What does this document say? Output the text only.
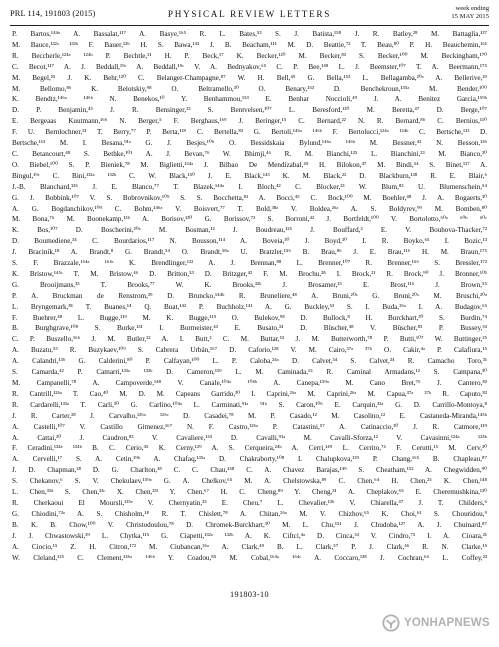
PRL 114, 191803 (2015)	PHYSICAL REVIEW LETTERS
week ending
15 MAY 2015

P. Bartos,¹⁴⁴ᵃ A. Bassalat,¹¹⁷ A. Basye,¹⁶⁵ R. L. Bates,⁵³ S. J. Batista,¹⁵⁸ J. R. Batley,²⁸ M. Battaglia,¹³⁷

M. Bauce,¹³²ᵃ ¹³²ᵇ F. Bauer,¹³⁶ H. S. Bawa,¹⁴³ J. B. Beacham,¹¹¹ M. D. Beattie,⁷² T. Beau,⁸⁰ P. H. Beauchemin,¹⁶¹

R. Beccherle,¹²⁴ᵃ ¹²⁴ᵇ P. Bechtle,²¹ H. P. Beck,¹⁷ K. Becker,¹²⁰ M. Becker,⁸³ S. Becker,¹⁰⁰ M. Beckingham,¹⁷⁰

C. Becot,¹¹⁷ A. J. Beddall,¹⁹ᶜ A. Beddall,¹⁹ᶜ V. A. Bednyakov,⁶⁵ C. P. Bee,¹⁴⁸ L. J. Beemster,¹⁰⁷ T. A. Beermann,¹⁷⁵

M. Begel,²⁵ J. K. Behr,¹²⁰ C. Belanger-Champagne,⁸⁷ W. H. Bell,⁴⁹ G. Bella,¹⁵³ L. Bellagamba,²⁰ᵃ A. Bellerive,²⁹

M. Bellomo,⁸⁶ K. Belotskiy,⁹⁸ O. Beltramello,³⁰ O. Benary,¹⁵³ D. Benchekroun,¹³⁵ᵃ M. Bender,¹⁰⁰

K. Bendtz,¹⁴⁶ᵃ ¹⁴⁶ᵇ N. Benekos,¹⁰ Y. Benhammou,¹⁵³ E. Benhar Noccioli,⁴⁹ J. A. Benitez Garcia,¹⁵⁹ᵇ

D. P. Benjamin,⁴⁵ J. R. Bensinger,²³ S. Bentvelsen,¹⁰⁷ L. Beresford,¹²⁰ M. Beretta,⁴⁷ D. Berge,¹⁰⁷

E. Bergeaas Kuutmann,¹⁶⁶ N. Berger,⁵ F. Berghaus,¹⁶⁹ J. Beringer,¹⁵ C. Bernard,²² N. R. Bernard,⁸⁶ C. Bernius,¹¹⁰

F. U. Bernlochner,²¹ T. Berry,⁷⁷ P. Berta,¹²⁹ C. Bertella,⁸³ G. Bertoli,¹⁴⁶ᵃ ¹⁴⁶ᵇ F. Bertolucci,¹²⁴ᵃ ¹²⁴ᵇ C. Bertsche,¹¹³ D.

Bertsche,¹¹³ M. I. Besana,⁹¹ᵃ G. J. Besjes,¹⁰⁶ O. Bessidskaia Bylund,¹⁴⁶ᵃ ¹⁴⁶ᵇ M. Bessner,⁴² N. Besson,¹³⁶

C. Betancourt,⁴⁸ S. Bethke,¹⁰¹ A. J. Bevan,⁷⁶ W. Bhimji,⁴⁶ R. M. Bianchi,¹²⁵ L. Bianchini,²³ M. Bianco,³⁰

O. Biebel,¹⁰⁰ S. P. Bieniek,⁷⁸ M. Biglietti,¹³⁴ᵃ J. Bilbao De Mendizabal,⁴⁹ H. Bilokon,⁴⁷ M. Bindi,⁵⁴ S. Binet,¹¹⁷ A.

Bingul,¹⁹ᶜ C. Bini,¹³²ᵃ ¹³²ᵇ C. W. Black,¹⁵⁰ J. E. Black,¹⁴³ K. M. Black,²² D. Blackburn,¹³⁸ R. E. Blair,⁶

J.-B. Blanchard,¹³⁶ J. E. Blanco,⁷⁷ T. Blazek,¹⁴⁴ᵃ I. Bloch,⁴² C. Blocker,²³ W. Blum,⁸³ U. Blumenschein,⁵⁴

G. J. Bobbink,¹⁰⁷ V. S. Bobrovnikov,¹⁰⁹ S. S. Bocchetta,⁸¹ A. Bocci,⁴⁵ C. Bock,¹⁰⁰ M. Boehler,⁴⁸ J. A. Bogaerts,³⁰

A. G. Bogdanchikov,¹⁰⁹ C. Bohm,¹⁴⁶ᵃ V. Boisvert,⁷⁷ T. Bold,³⁸ᵃ V. Boldea,²⁶ᵃ A. S. Boldyrev,⁹⁹ M. Bomben,⁸⁰

M. Bona,⁷⁶ M. Boonekamp,¹³⁶ A. Borisov,¹³⁰ G. Borissov,⁷² S. Borroni,⁴² J. Bortfeldt,¹⁰⁰ V. Bortolotto,⁶⁰ᵃ ⁶⁰ᵇ ⁶⁰ᶜ

K. Bos,¹⁰⁷ D. Boscherini,²⁰ᵃ M. Bosman,¹² J. Boudreau,¹²⁵ J. Bouffard,² E. V. Bouhova-Thacker,⁷²

D. Boumediene,³⁴ C. Bourdarios,¹¹⁷ N. Bousson,¹¹⁴ A. Boveia,³⁰ J. Boyd,³⁰ I. R. Boyko,⁶⁵ I. Bozic,¹³

J. Bracinik,¹⁸ A. Brandt,⁸ G. Brandt,⁵⁴ O. Brandt,⁵⁸ᵃ U. Bratzler,¹⁵⁶ B. Brau,⁸⁶ J. E. Brau,¹¹⁶ H. M. Braun,¹⁷⁵

S. F. Brazzale,¹⁶⁴ᵃ ¹⁶⁴ᶜ K. Brendlinger,¹²² A. J. Brennan,⁸⁸ L. Brenner,¹⁰⁷ R. Brenner,¹⁶⁶ S. Bressler,¹⁷²

K. Bristow,¹⁴⁵ᶜ T. M. Bristow,⁴⁶ D. Britton,⁵³ D. Britzger,⁴² F. M. Brochu,²⁸ I. Brock,²¹ R. Brock,⁹⁰ J. Bronner,¹⁰¹

G. Brooijmans,³⁵ T. Brooks,⁷⁷ W. K. Brooks,³²ᵇ J. Brosamer,¹⁵ E. Brost,¹¹⁶ J. Brown,⁵⁵

P. A. Bruckman de Renstrom,³⁹ D. Bruncko,¹⁴⁴ᵇ R. Bruneliere,⁴⁸ A. Bruni,²⁰ᵃ G. Bruni,²⁰ᵃ M. Bruschi,²⁰ᵃ

L. Bryngemark,⁸¹ T. Buanes,¹⁴ Q. Buat,¹⁴² P. Buchholz,¹⁴¹ A. G. Buckley,⁵³ S. I. Buda,²⁶ᵃ I. A. Budagov,⁶⁵

F. Buehrer,⁴⁸ L. Bugge,¹¹⁹ M. K. Bugge,¹¹⁹ O. Bulekov,⁹⁸ D. Bullock,⁸ H. Burckhart,³⁰ S. Burdin,⁷⁴

B. Burghgrave,¹⁰⁸ S. Burke,¹³¹ I. Burmeister,⁴³ E. Busato,³⁴ D. Büscher,⁴⁸ V. Büscher,⁸³ P. Bussey,⁵³

C. P. Buszello,¹⁶⁶ J. M. Butler,²² A. I. Butt,³ C. M. Buttar,⁵³ J. M. Butterworth,⁷⁸ P. Butti,¹⁰⁷ W. Buttinger,²⁵

A. Buzatu,⁵³ R. Buzykaev,¹⁰⁹ S. Cabrera Urbán,¹⁶⁷ D. Caforio,¹²⁸ V. M. Cairo,³⁷ᵃ ³⁷ᵇ O. Cakir,⁴ᵃ P. Calafiura,¹⁵

A. Calandri,¹³⁶ G. Calderini,⁸⁰ P. Calfayan,¹⁰⁰ L. P. Caloba,²⁴ᵃ D. Calvet,³⁴ S. Calvet,³⁴ R. Camacho Toro,³¹

S. Camarda,⁴² P. Camarri,¹³³ᵃ ¹³³ᵇ D. Cameron,¹¹⁹ L. M. Caminada,¹⁵ R. Caminal Armadans,¹² S. Campana,³⁰

M. Campanelli,⁷⁸ A. Campoverde,¹⁴⁸ V. Canale,¹⁰⁴ᵃ ¹⁰⁴ᵇ A. Canepa,¹⁵⁹ᵃ M. Cano Bret,⁷⁶ J. Cantero,⁸²

R. Cantrill,¹²⁶ᵃ T. Cao,⁴⁰ M. D. M. Capeans Garrido,³⁰ I. Caprini,²⁶ᵃ M. Caprini,²⁶ᵃ M. Capua,³⁷ᵃ ³⁷ᵇ R. Caputo,⁸³

R. Cardarelli,¹³³ᵃ T. Carli,³⁰ G. Carlino,¹⁰⁴ᵃ L. Carminati,⁹¹ᵃ ⁹¹ᵇ S. Caron,¹⁰⁶ E. Carquin,³²ᵃ G. D. Carrillo-Montoya,⁸

J. R. Carter,²⁸ J. Carvalho,¹²⁶ᵃ ¹²⁶ᶜ D. Casadei,⁷⁸ M. P. Casado,¹² M. Casolino,¹² E. Castaneda-Miranda,¹⁴⁵ᵇ

A. Castelli,¹⁰⁷ V. Castillo Gimenez,¹⁶⁷ N. F. Castro,¹²⁶ᵃ P. Catastini,⁵⁷ A. Catinaccio,³⁰ J. R. Catmore,¹¹⁹

A. Cattai,³⁰ J. Caudron,⁸³ V. Cavaliere,¹⁶⁵ D. Cavalli,⁹¹ᵃ M. Cavalli-Sforza,¹² V. Cavasinni,¹²⁴ᵃ ¹²⁴ᵇ

F. Ceradini,¹³⁴ᵃ ¹³⁴ᵇ B. C. Cerio,⁴⁵ K. Cerny,¹²⁹ A. S. Cerqueira,²⁴ᵇ A. Cerri,¹⁴⁹ L. Cerrito,⁷⁶ F. Cerutti,¹⁵ M. Cerv,³⁰

A. Cervelli,¹⁷ S. A. Cetin,¹⁹ᵇ A. Chafaq,¹³⁵ᵃ D. Chakraborty,¹⁰⁸ I. Chalupkova,¹²⁹ P. Chang,¹⁶⁵ B. Chapleau,⁸⁷

J. D. Chapman,²⁸ D. G. Charlton,¹⁸ C. C. Chau,¹⁵⁸ C. A. Chavez Barajas,¹⁴⁹ S. Cheatham,¹⁵² A. Chegwidden,⁹⁰

S. Chekanov,⁶ S. V. Chekulaev,¹⁵⁹ᵃ G. A. Chelkov,⁶⁵ M. A. Chelstowska,⁸⁹ C. Chen,⁶⁴ H. Chen,²⁵ K. Chen,¹⁴⁸

L. Chen,³³ᵈ S. Chen,³³ᶜ X. Chen,³³ᶠ Y. Chen,⁶⁷ H. C. Cheng,⁸⁹ Y. Cheng,³¹ A. Cheplakov,⁶⁵ E. Cheremushkina,¹³⁰

R. Cherkaoui El Moursli,¹³⁵ᵉ V. Chernyatin,²⁵ E. Cheu,⁷ L. Chevalier,¹³⁶ V. Chiarella,⁴⁷ J. T. Childers,⁶

G. Chiodini,⁷³ᵃ A. S. Chisholm,¹⁸ R. T. Chislett,⁷⁸ A. Chitan,²⁶ᵃ M. V. Chizhov,⁶⁵ K. Choi,⁶¹ S. Chouridou,⁹

B. K. B. Chow,¹⁰⁰ V. Christodoulou,⁷⁸ D. Chromek-Burckhart,³⁰ M. L. Chu,¹⁵¹ J. Chudoba,¹²⁷ A. J. Chuinard,⁸⁷

J. J. Chwastowski,³⁹ L. Chytka,¹¹⁵ G. Ciapetti,¹³²ᵃ ¹³²ᵇ A. K. Ciftci,⁴ᵃ D. Cinca,⁵³ V. Cindro,⁷⁵ I. A. Cioara,²¹

A. Ciocio,¹⁵ Z. H. Citron,¹⁷² M. Ciubancan,²⁶ᵃ A. Clark,⁴⁹ B. L. Clark,⁵⁷ P. J. Clark,⁴⁶ R. N. Clarke,¹⁵

W. Cleland,¹²⁵ C. Clement,¹⁴⁶ᵃ ¹⁴⁶ᵇ Y. Coadou,⁸⁵ M. Cobal,¹⁶⁴ᵃ ¹⁶⁴ᶜ A. Coccaro,¹³⁸ J. Cochran,⁶⁴ L. Coffey,²³

191803-10
YONHAPNEWS
